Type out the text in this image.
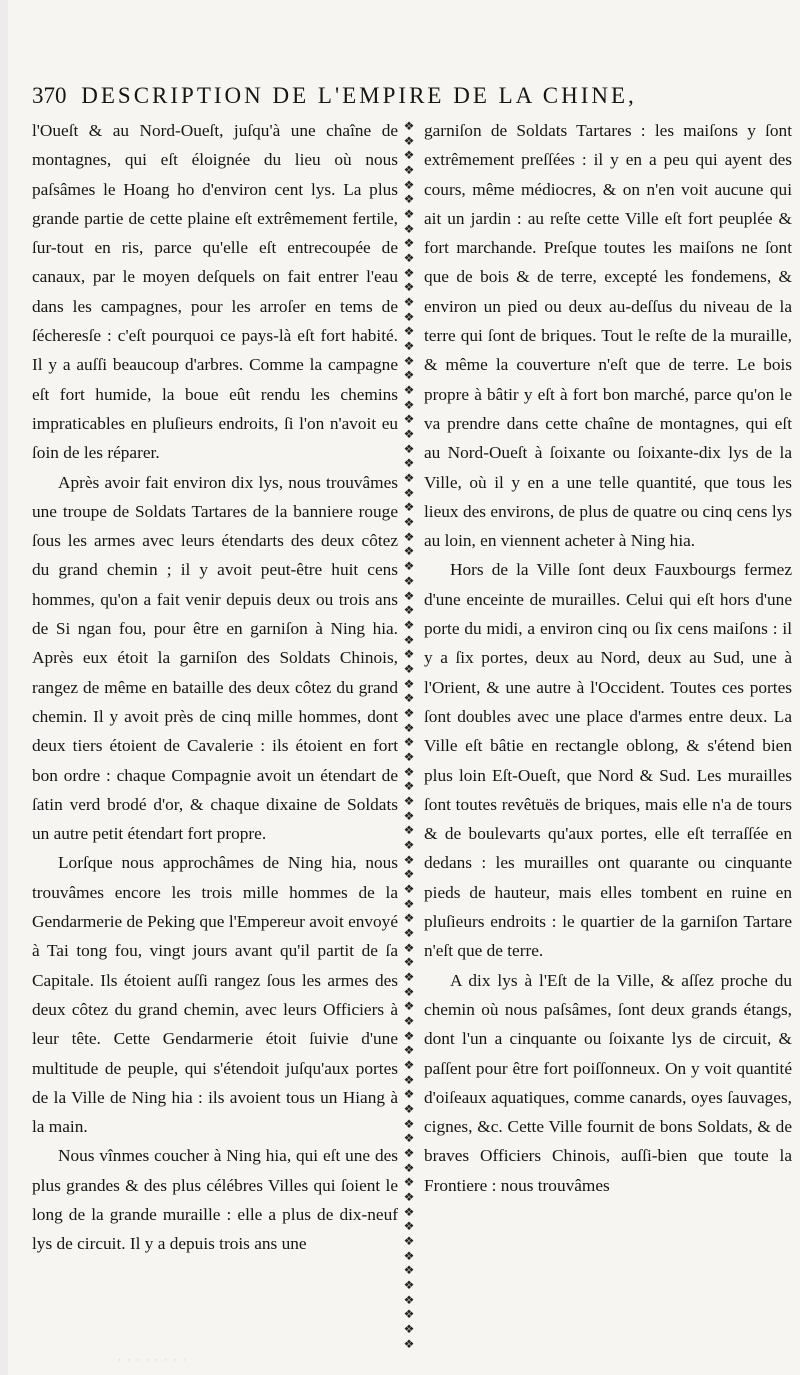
370 DESCRIPTION DE L'EMPIRE DE LA CHINE,

l'Oueſt & au Nord-Oueſt, juſqu'à une chaîne de montagnes, qui eſt éloignée du lieu où nous paſsâmes le Hoang ho d'environ cent lys. La plus grande partie de cette plaine eſt extrêmement fertile, ſur-tout en ris, parce qu'elle eſt entrecoupée de canaux, par le moyen deſquels on fait entrer l'eau dans les campagnes, pour les arroſer en tems de ſécheresſe : c'eſt pourquoi ce pays-là eſt fort habité. Il y a auſſi beaucoup d'arbres. Comme la campagne eſt fort humide, la boue eût rendu les chemins impraticables en pluſieurs endroits, ſi l'on n'avoit eu ſoin de les réparer.

Après avoir fait environ dix lys, nous trouvâmes une troupe de Soldats Tartares de la banniere rouge ſous les armes avec leurs étendarts des deux côtez du grand chemin ; il y avoit peut-être huit cens hommes, qu'on a fait venir depuis deux ou trois ans de Si ngan fou, pour être en garniſon à Ning hia. Après eux étoit la garniſon des Soldats Chinois, rangez de même en bataille des deux côtez du grand chemin. Il y avoit près de cinq mille hommes, dont deux tiers étoient de Cavalerie : ils étoient en fort bon ordre : chaque Compagnie avoit un étendart de ſatin verd brodé d'or, & chaque dixaine de Soldats un autre petit étendart fort propre.

Lorſque nous approchâmes de Ning hia, nous trouvâmes encore les trois mille hommes de la Gendarmerie de Peking que l'Empereur avoit envoyé à Tai tong fou, vingt jours avant qu'il partit de ſa Capitale. Ils étoient auſſi rangez ſous les armes des deux côtez du grand chemin, avec leurs Officiers à leur tête. Cette Gendarmerie étoit ſuivie d'une multitude de peuple, qui s'étendoit juſqu'aux portes de la Ville de Ning hia : ils avoient tous un Hiang à la main.

Nous vînmes coucher à Ning hia, qui eſt une des plus grandes & des plus célébres Villes qui ſoient le long de la grande muraille : elle a plus de dix-neuf lys de circuit. Il y a depuis trois ans une

❖
❖
❖
❖
❖
❖
❖
❖
❖
❖
❖
❖
❖
❖
❖
❖
❖
❖
❖
❖
❖
❖
❖
❖
❖
❖
❖
❖
❖
❖
❖
❖
❖
❖
❖
❖
❖
❖
❖
❖
❖
❖
❖
❖
❖
❖
❖
❖
❖
❖
❖
❖
❖
❖
❖
❖
❖
❖
❖
❖
❖
❖
❖
❖
❖
❖
❖
❖
❖
❖
❖
❖
❖
❖
❖
❖
❖
❖
❖
❖
❖
❖
❖
❖

garniſon de Soldats Tartares : les maiſons y ſont extrêmement preſſées : il y en a peu qui ayent des cours, même médiocres, & on n'en voit aucune qui ait un jardin : au reſte cette Ville eſt fort peuplée & fort marchande. Preſque toutes les maiſons ne ſont que de bois & de terre, excepté les fondemens, & environ un pied ou deux au-deſſus du niveau de la terre qui ſont de briques. Tout le reſte de la muraille, & même la couverture n'eſt que de terre. Le bois propre à bâtir y eſt à fort bon marché, parce qu'on le va prendre dans cette chaîne de montagnes, qui eſt au Nord-Oueſt à ſoixante ou ſoixante-dix lys de la Ville, où il y en a une telle quantité, que tous les lieux des environs, de plus de quatre ou cinq cens lys au loin, en viennent acheter à Ning hia.

Hors de la Ville ſont deux Fauxbourgs fermez d'une enceinte de murailles. Celui qui eſt hors d'une porte du midi, a environ cinq ou ſix cens maiſons : il y a ſix portes, deux au Nord, deux au Sud, une à l'Orient, & une autre à l'Occident. Toutes ces portes ſont doubles avec une place d'armes entre deux. La Ville eſt bâtie en rectangle oblong, & s'étend bien plus loin Eſt-Oueſt, que Nord & Sud. Les murailles ſont toutes revêtuës de briques, mais elle n'a de tours & de boulevarts qu'aux portes, elle eſt terraſſée en dedans : les murailles ont quarante ou cinquante pieds de hauteur, mais elles tombent en ruine en pluſieurs endroits : le quartier de la garniſon Tartare n'eſt que de terre.

A dix lys à l'Eſt de la Ville, & aſſez proche du chemin où nous paſsâmes, ſont deux grands étangs, dont l'un a cinquante ou ſoixante lys de circuit, & paſſent pour être fort poiſſonneux. On y voit quantité d'oiſeaux aquatiques, comme canards, oyes ſauvages, cignes, &c. Cette Ville fournit de bons Soldats, & de braves Officiers Chinois, auſſi-bien que toute la Frontiere : nous trouvâmes

· · · · · · · ·
